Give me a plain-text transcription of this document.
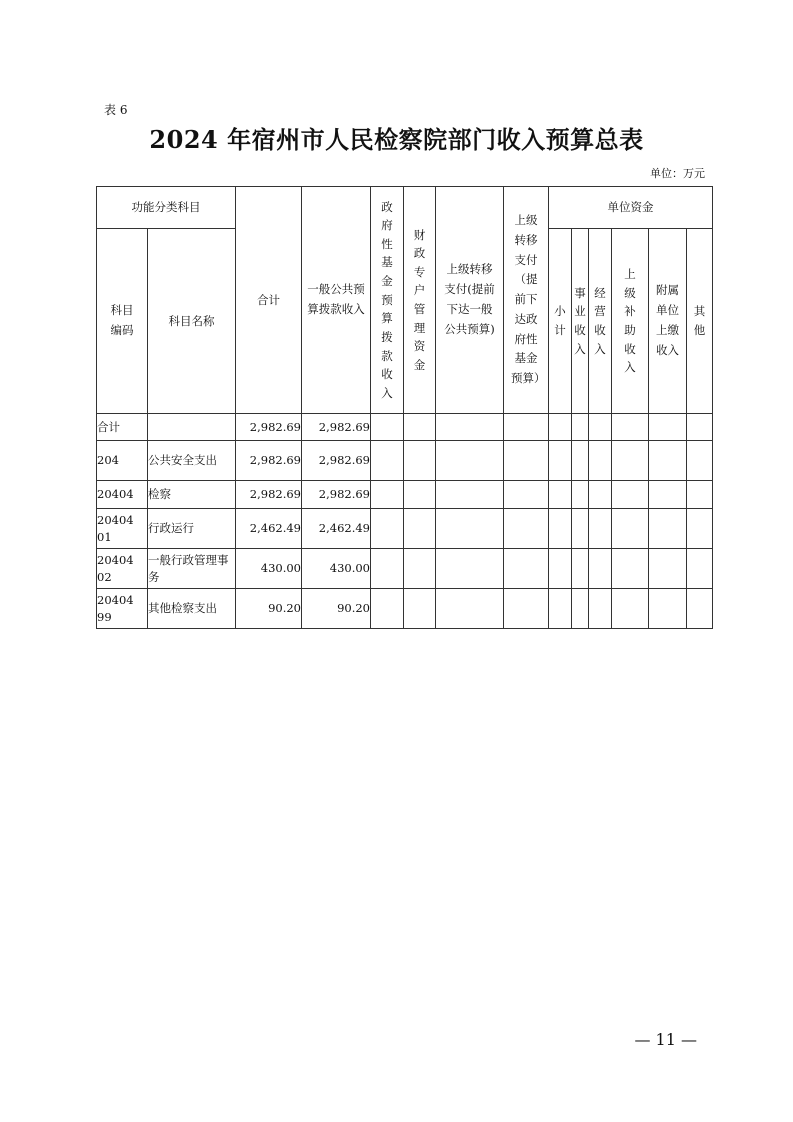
表 6
2024 年宿州市人民检察院部门收入预算总表
单位：万元
功能分类科目		合计	一般公共预算拨款收入	政府性基金预算拨款收入	财政专户管理资金	上级转移支付(提前下达一般公共预算)	上级转移支付（提前下达政府性基金预算）	单位资金					
科目编码	科目名称							小计	事业收入	经营收入	上级补助收入	附属单位上缴收入	其他
合计		2,982.69	2,982.69										
204	公共安全支出	2,982.69	2,982.69										
20404	检察	2,982.69	2,982.69										
20404 01	行政运行	2,462.49	2,462.49										
20404 02	一般行政管理事务	430.00	430.00										
20404 99	其他检察支出	90.20	90.20										
— 11 —
